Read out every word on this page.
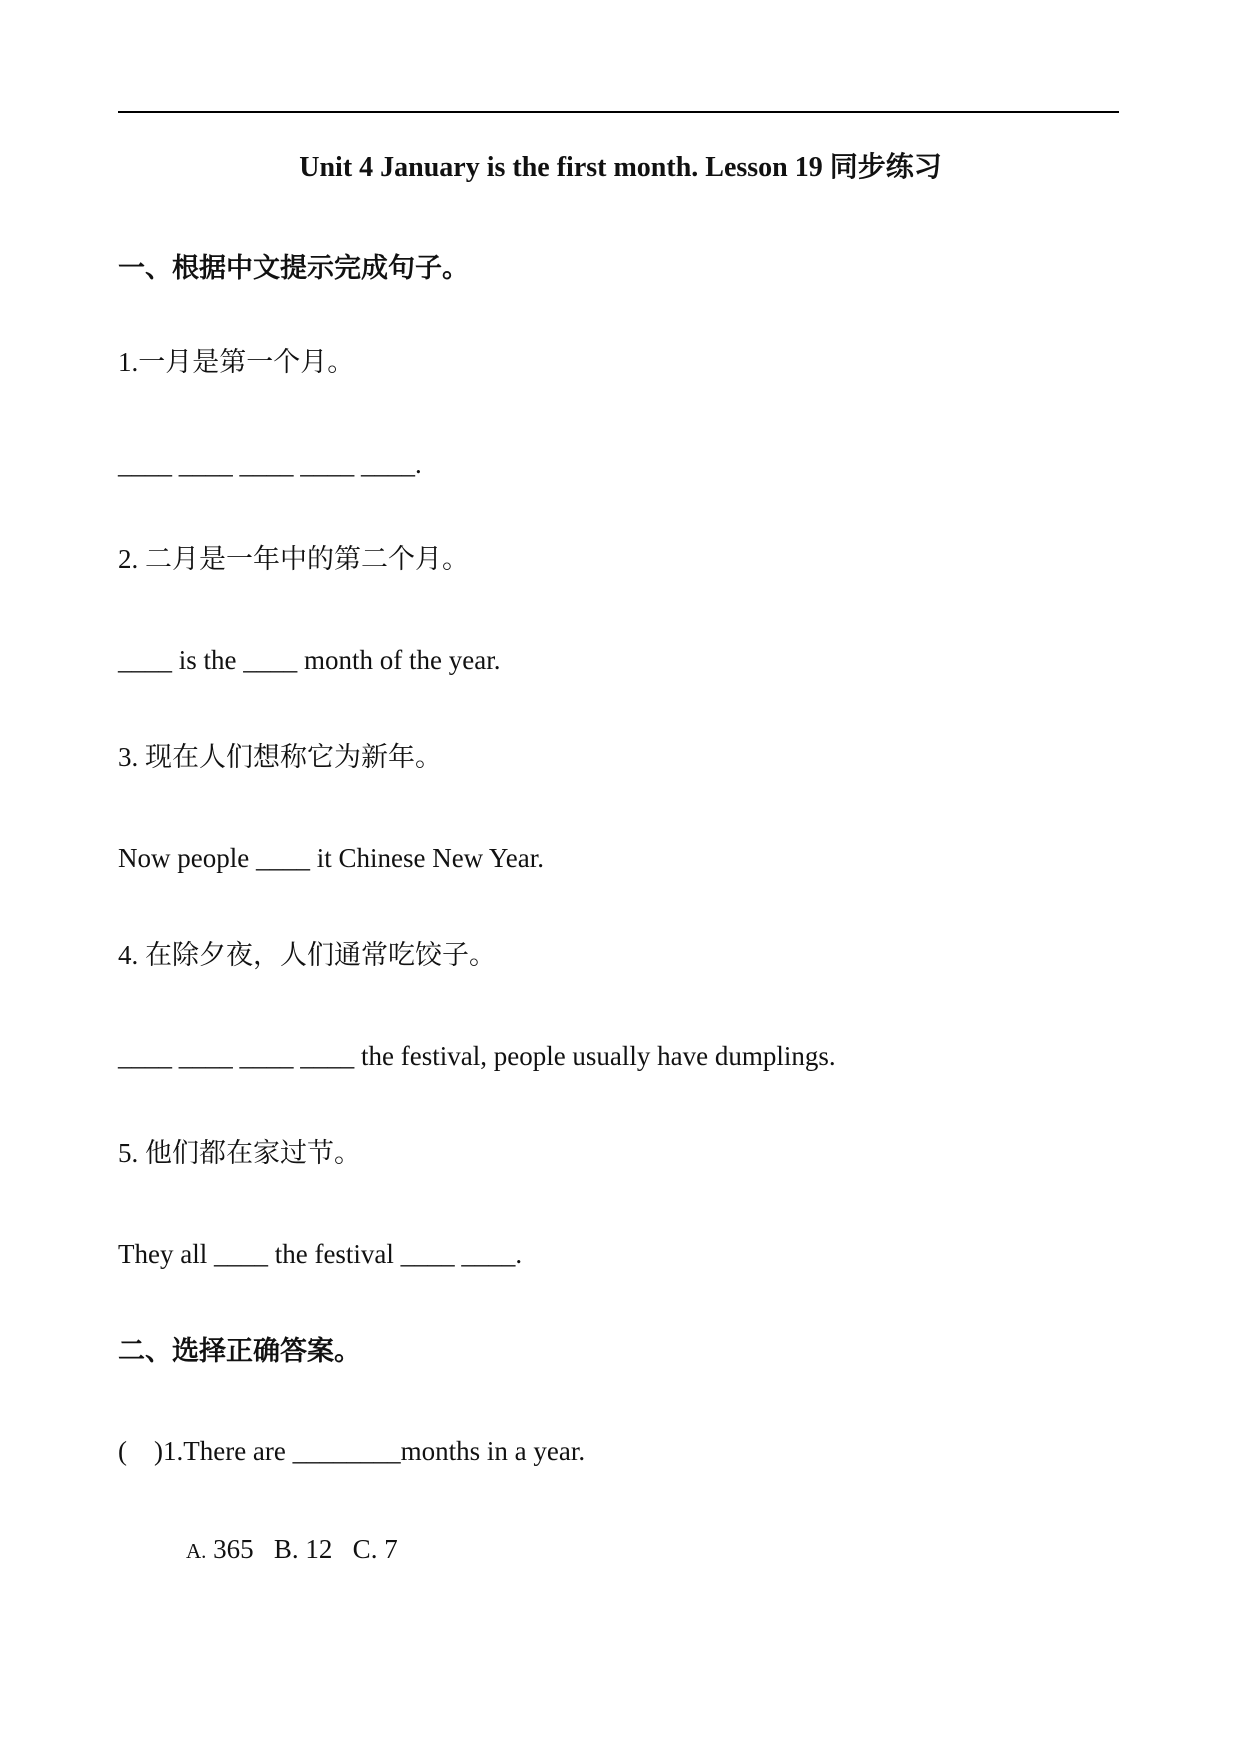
Unit 4 January is the first month. Lesson 19 同步练习
一、根据中文提示完成句子。
1.一月是第一个月。
____ ____ ____ ____ ____.
2. 二月是一年中的第二个月。
____ is the ____ month of the year.
3. 现在人们想称它为新年。
Now people ____ it Chinese New Year.
4. 在除夕夜，人们通常吃饺子。
____ ____ ____ ____ the festival, people usually have dumplings.
5. 他们都在家过节。
They all ____ the festival ____ ____.
二、选择正确答案。
(    )1.There are ________months in a year.
A. 365   B. 12   C. 7
